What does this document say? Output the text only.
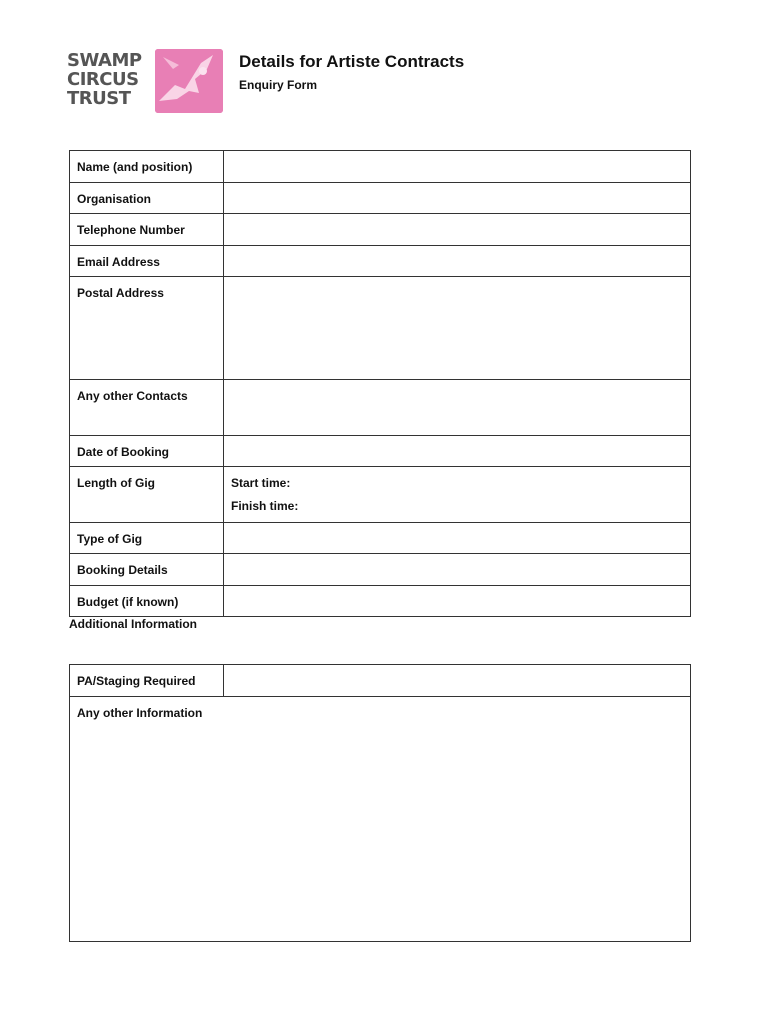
SWAMP
CIRCUS
TRUST
Details for Artiste Contracts
Enquiry Form
Name (and position)	
Organisation	
Telephone Number	
Email Address	
Postal Address	
Any other Contacts	
Date of Booking	
Length of Gig	Start time:
Finish time:

Type of Gig	
Booking Details	
Budget (if known)	
Additional Information
PA/Staging Required	
Any other Information
